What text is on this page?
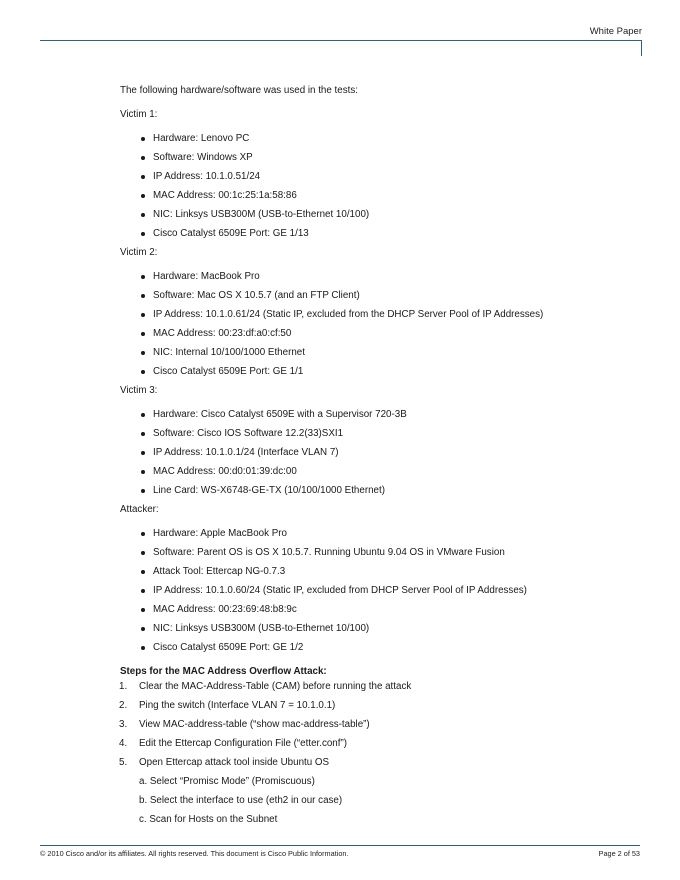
White Paper
The following hardware/software was used in the tests:
Victim 1:
Hardware: Lenovo PC
Software: Windows XP
IP Address: 10.1.0.51/24
MAC Address: 00:1c:25:1a:58:86
NIC: Linksys USB300M (USB-to-Ethernet 10/100)
Cisco Catalyst 6509E Port: GE 1/13
Victim 2:
Hardware: MacBook Pro
Software: Mac OS X 10.5.7 (and an FTP Client)
IP Address: 10.1.0.61/24 (Static IP, excluded from the DHCP Server Pool of IP Addresses)
MAC Address: 00:23:df:a0:cf:50
NIC: Internal 10/100/1000 Ethernet
Cisco Catalyst 6509E Port: GE 1/1
Victim 3:
Hardware: Cisco Catalyst 6509E with a Supervisor 720-3B
Software: Cisco IOS Software 12.2(33)SXI1
IP Address: 10.1.0.1/24 (Interface VLAN 7)
MAC Address: 00:d0:01:39:dc:00
Line Card: WS-X6748-GE-TX (10/100/1000 Ethernet)
Attacker:
Hardware: Apple MacBook Pro
Software: Parent OS is OS X 10.5.7. Running Ubuntu 9.04 OS in VMware Fusion
Attack Tool: Ettercap NG-0.7.3
IP Address: 10.1.0.60/24 (Static IP, excluded from DHCP Server Pool of IP Addresses)
MAC Address: 00:23:69:48:b8:9c
NIC: Linksys USB300M (USB-to-Ethernet 10/100)
Cisco Catalyst 6509E Port: GE 1/2
Steps for the MAC Address Overflow Attack:
1.	Clear the MAC-Address-Table (CAM) before running the attack
2.	Ping the switch (Interface VLAN 7 = 10.1.0.1)
3.	View MAC-address-table (“show mac-address-table”)
4.	Edit the Ettercap Configuration File (“etter.conf”)
5.	Open Ettercap attack tool inside Ubuntu OS
a. Select “Promisc Mode” (Promiscuous)
b. Select the interface to use (eth2 in our case)
c. Scan for Hosts on the Subnet
© 2010 Cisco and/or its affiliates. All rights reserved. This document is Cisco Public Information.	Page 2 of 53
